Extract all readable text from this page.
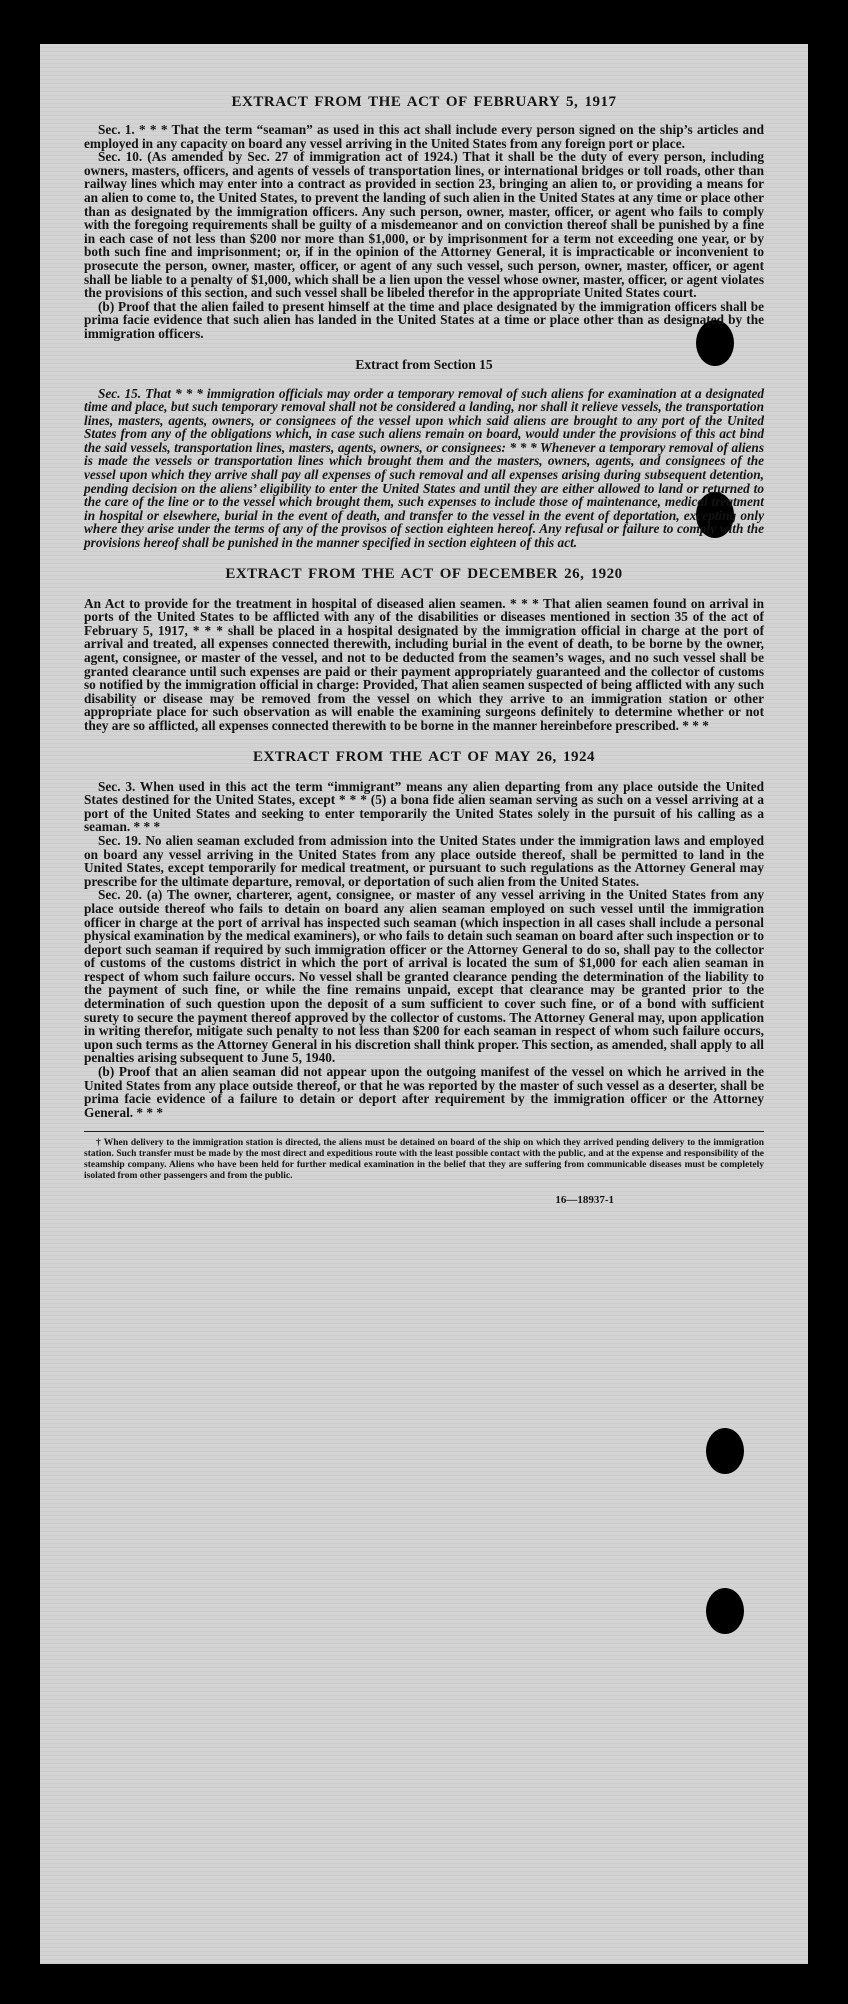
EXTRACT FROM THE ACT OF FEBRUARY 5, 1917

Sec. 1. * * * That the term “seaman” as used in this act shall include every person signed on the ship’s articles and employed in any capacity on board any vessel arriving in the United States from any foreign port or place.

Sec. 10. (As amended by Sec. 27 of immigration act of 1924.) That it shall be the duty of every person, including owners, masters, officers, and agents of vessels of transportation lines, or international bridges or toll roads, other than railway lines which may enter into a contract as provided in section 23, bringing an alien to, or providing a means for an alien to come to, the United States, to prevent the landing of such alien in the United States at any time or place other than as designated by the immigration officers. Any such person, owner, master, officer, or agent who fails to comply with the foregoing requirements shall be guilty of a misdemeanor and on conviction thereof shall be punished by a fine in each case of not less than $200 nor more than $1,000, or by imprisonment for a term not exceeding one year, or by both such fine and imprisonment; or, if in the opinion of the Attorney General, it is impracticable or inconvenient to prosecute the person, owner, master, officer, or agent of any such vessel, such person, owner, master, officer, or agent shall be liable to a penalty of $1,000, which shall be a lien upon the vessel whose owner, master, officer, or agent violates the provisions of this section, and such vessel shall be libeled therefor in the appropriate United States court.

(b) Proof that the alien failed to present himself at the time and place designated by the immigration officers shall be prima facie evidence that such alien has landed in the United States at a time or place other than as designated by the immigration officers.

Extract from Section 15

Sec. 15. That * * * immigration officials may order a temporary removal of such aliens for examination at a designated time and place, but such temporary removal shall not be considered a landing, nor shall it relieve vessels, the transportation lines, masters, agents, owners, or consignees of the vessel upon which said aliens are brought to any port of the United States from any of the obligations which, in case such aliens remain on board, would under the provisions of this act bind the said vessels, transportation lines, masters, agents, owners, or consignees: * * * Whenever a temporary removal of aliens is made the vessels or transportation lines which brought them and the masters, owners, agents, and consignees of the vessel upon which they arrive shall pay all expenses of such removal and all expenses arising during subsequent detention, pending decision on the aliens’ eligibility to enter the United States and until they are either allowed to land or returned to the care of the line or to the vessel which brought them, such expenses to include those of maintenance, medical treatment in hospital or elsewhere, burial in the event of death, and transfer to the vessel in the event of deportation, excepting only where they arise under the terms of any of the provisos of section eighteen hereof. Any refusal or failure to comply with the provisions hereof shall be punished in the manner specified in section eighteen of this act.

EXTRACT FROM THE ACT OF DECEMBER 26, 1920

An Act to provide for the treatment in hospital of diseased alien seamen. * * * That alien seamen found on arrival in ports of the United States to be afflicted with any of the disabilities or diseases mentioned in section 35 of the act of February 5, 1917, * * * shall be placed in a hospital designated by the immigration official in charge at the port of arrival and treated, all expenses connected therewith, including burial in the event of death, to be borne by the owner, agent, consignee, or master of the vessel, and not to be deducted from the seamen’s wages, and no such vessel shall be granted clearance until such expenses are paid or their payment appropriately guaranteed and the collector of customs so notified by the immigration official in charge: Provided, That alien seamen suspected of being afflicted with any such disability or disease may be removed from the vessel on which they arrive to an immigration station or other appropriate place for such observation as will enable the examining surgeons definitely to determine whether or not they are so afflicted, all expenses connected therewith to be borne in the manner hereinbefore prescribed. * * *

EXTRACT FROM THE ACT OF MAY 26, 1924

Sec. 3. When used in this act the term “immigrant” means any alien departing from any place outside the United States destined for the United States, except * * * (5) a bona fide alien seaman serving as such on a vessel arriving at a port of the United States and seeking to enter temporarily the United States solely in the pursuit of his calling as a seaman. * * *

Sec. 19. No alien seaman excluded from admission into the United States under the immigration laws and employed on board any vessel arriving in the United States from any place outside thereof, shall be permitted to land in the United States, except temporarily for medical treatment, or pursuant to such regulations as the Attorney General may prescribe for the ultimate departure, removal, or deportation of such alien from the United States.

Sec. 20. (a) The owner, charterer, agent, consignee, or master of any vessel arriving in the United States from any place outside thereof who fails to detain on board any alien seaman employed on such vessel until the immigration officer in charge at the port of arrival has inspected such seaman (which inspection in all cases shall include a personal physical examination by the medical examiners), or who fails to detain such seaman on board after such inspection or to deport such seaman if required by such immigration officer or the Attorney General to do so, shall pay to the collector of customs of the customs district in which the port of arrival is located the sum of $1,000 for each alien seaman in respect of whom such failure occurs. No vessel shall be granted clearance pending the determination of the liability to the payment of such fine, or while the fine remains unpaid, except that clearance may be granted prior to the determination of such question upon the deposit of a sum sufficient to cover such fine, or of a bond with sufficient surety to secure the payment thereof approved by the collector of customs. The Attorney General may, upon application in writing therefor, mitigate such penalty to not less than $200 for each seaman in respect of whom such failure occurs, upon such terms as the Attorney General in his discretion shall think proper. This section, as amended, shall apply to all penalties arising subsequent to June 5, 1940.

(b) Proof that an alien seaman did not appear upon the outgoing manifest of the vessel on which he arrived in the United States from any place outside thereof, or that he was reported by the master of such vessel as a deserter, shall be prima facie evidence of a failure to detain or deport after requirement by the immigration officer or the Attorney General. * * *

† When delivery to the immigration station is directed, the aliens must be detained on board of the ship on which they arrived pending delivery to the immigration station. Such transfer must be made by the most direct and expeditious route with the least possible contact with the public, and at the expense and responsibility of the steamship company. Aliens who have been held for further medical examination in the belief that they are suffering from communicable diseases must be completely isolated from other passengers and from the public.

16—18937-1
